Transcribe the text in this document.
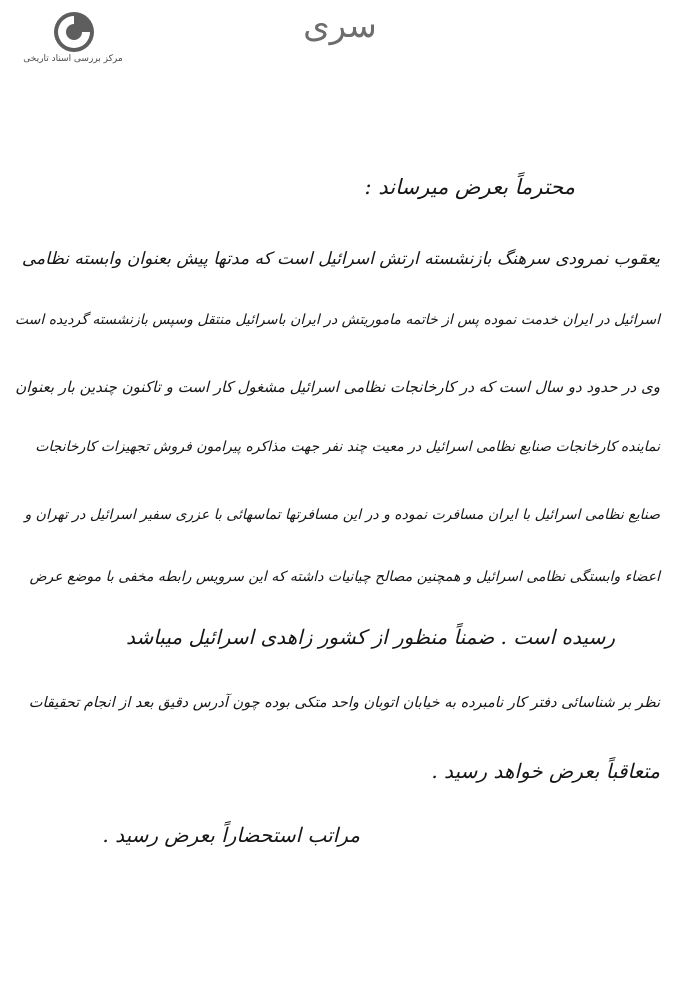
مرکز بررسی اسناد تاریخی
سری
محترماً بعرض میرساند :
یعقوب نمرودی سرهنگ بازنشسته ارتش اسرائیل است که مدتها پیش بعنوان وابسته نظامی
اسرائیل در ایران خدمت نموده پس از خاتمه ماموریتش در ایران باسرائیل منتقل وسپس بازنشسته گردیده است
وی در حدود دو سال است که در کارخانجات نظامی اسرائیل مشغول کار است و تاکنون چندین بار بعنوان
نماینده کارخانجات صنایع نظامی اسرائیل در معیت چند نفر جهت مذاکره پیرامون فروش تجهیزات کارخانجات
صنایع نظامی اسرائیل با ایران مسافرت نموده و در این مسافرتها تماسهائی با عزری سفیر اسرائیل در تهران و
اعضاء وابستگی نظامی اسرائیل و همچنین مصالح چیانیات داشته که این سرویس رابطه مخفی با موضع عرض
رسیده است . ضمناً منظور از کشور زاهدی اسرائیل میباشد
نظر بر شناسائی دفتر کار نامبرده به خیابان اتوبان واحد متکی بوده چون آدرس دقیق بعد از انجام تحقیقات
متعاقباً بعرض خواهد رسید .
مراتب استحضاراً بعرض رسید .
